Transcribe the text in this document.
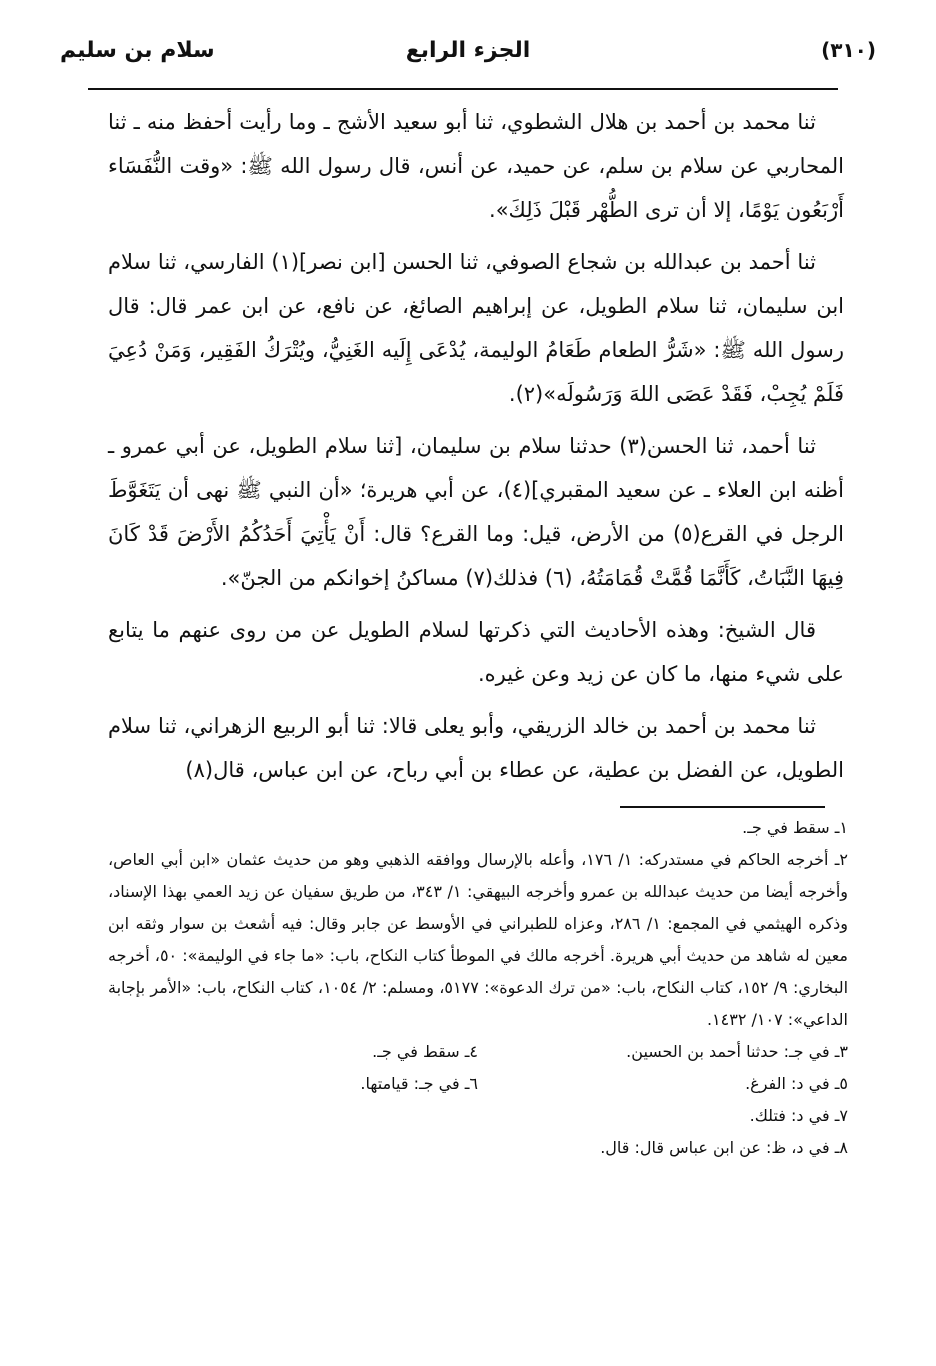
(٣١٠)
الجزء الرابع
سلام بن سليم

ثنا محمد بن أحمد بن هلال الشطوي، ثنا أبو سعيد الأشج ـ وما رأيت أحفظ منه ـ ثنا المحاربي عن سلام بن سلم، عن حميد، عن أنس، قال رسول الله ﷺ: «وقت النُّفَسَاء أَرْبَعُون يَوْمًا، إلا أن ترى الطُّهْر قَبْلَ ذَلِكَ».

ثنا أحمد بن عبدالله بن شجاع الصوفي، ثنا الحسن [ابن نصر](١) الفارسي، ثنا سلام ابن سليمان، ثنا سلام الطويل، عن إبراهيم الصائغ، عن نافع، عن ابن عمر قال: قال رسول الله ﷺ: «شَرُّ الطعام طَعَامُ الوليمة، يُدْعَى إِلَيه الغَنِيُّ، ويُتْرَكُ الفَقِير، وَمَنْ دُعِيَ فَلَمْ يُجِبْ، فَقَدْ عَصَى اللهَ وَرَسُولَه»(٢).

ثنا أحمد، ثنا الحسن(٣) حدثنا سلام بن سليمان، [ثنا سلام الطويل، عن أبي عمرو ـ أظنه ابن العلاء ـ عن سعيد المقبري](٤)، عن أبي هريرة؛ «أن النبي ﷺ نهى أن يَتَغَوَّطَ الرجل في القرع(٥) من الأرض، قيل: وما القرع؟ قال: أَنْ يَأْتِيَ أَحَدُكُمُ الأَرْضَ قَدْ كَانَ فِيهَا النَّبَاتُ، كَأَنَّمَا قُمَّتْ قُمَامَتُهُ، (٦) فذلك(٧) مساكنُ إخوانكم من الجنّ».

قال الشيخ: وهذه الأحاديث التي ذكرتها لسلام الطويل عن من روى عنهم ما يتابع على شيء منها، ما كان عن زيد وعن غيره.

ثنا محمد بن أحمد بن خالد الزريقي، وأبو يعلى قالا: ثنا أبو الربيع الزهراني، ثنا سلام الطويل، عن الفضل بن عطية، عن عطاء بن أبي رباح، عن ابن عباس، قال(٨)

١ـ سقط في جـ.

٢ـ أخرجه الحاكم في مستدركه: ١/ ١٧٦، وأعله بالإرسال ووافقه الذهبي وهو من حديث عثمان «ابن أبي العاص، وأخرجه أيضا من حديث عبدالله بن عمرو وأخرجه البيهقي: ١/ ٣٤٣، من طريق سفيان عن زيد العمي بهذا الإسناد، وذكره الهيثمي في المجمع: ١/ ٢٨٦، وعزاه للطبراني في الأوسط عن جابر وقال: فيه أشعث بن سوار وثقه ابن معين له شاهد من حديث أبي هريرة. أخرجه مالك في الموطأ كتاب النكاح، باب: «ما جاء في الوليمة»: ٥٠، أخرجه البخاري: ٩/ ١٥٢، كتاب النكاح، باب: «من ترك الدعوة»: ٥١٧٧، ومسلم: ٢/ ١٠٥٤، كتاب النكاح، باب: «الأمر بإجابة الداعي»: ١٠٧/ ١٤٣٢.

٣ـ في جـ: حدثنا أحمد بن الحسين.

٤ـ سقط في جـ.

٥ـ في د: الفرغ.

٦ـ في جـ: قيامتها.

٧ـ في د: فتلك.

٨ـ في د، ظ: عن ابن عباس قال: قال.
